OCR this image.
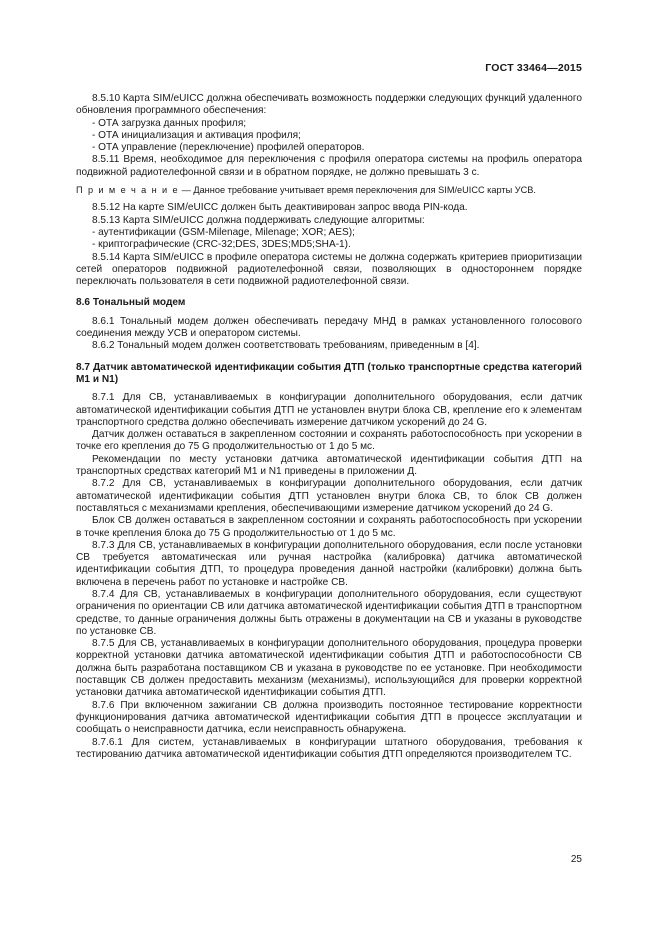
ГОСТ 33464—2015
8.5.10 Карта SIM/eUICC должна обеспечивать возможность поддержки следующих функций удаленного обновления программного обеспечения:
- ОТА загрузка данных профиля;
- ОТА инициализация и активация профиля;
- ОТА управление (переключение) профилей операторов.
8.5.11 Время, необходимое для переключения с профиля оператора системы на профиль оператора подвижной радиотелефонной связи и в обратном порядке, не должно превышать 3 с.
П р и м е ч а н и е — Данное требование учитывает время переключения для SIM/eUICC карты УСВ.
8.5.12 На карте SIM/eUICC должен быть деактивирован запрос ввода PIN-кода.
8.5.13 Карта SIM/eUICC должна поддерживать следующие алгоритмы:
- аутентификации (GSM-Milenage, Milenage; XOR; AES);
- криптографические (CRC-32;DES, 3DES;MD5;SHA-1).
8.5.14 Карта SIM/eUICC в профиле оператора системы не должна содержать критериев приоритизации сетей операторов подвижной радиотелефонной связи, позволяющих в одностороннем порядке переключать пользователя в сети подвижной радиотелефонной связи.
8.6 Тональный модем
8.6.1 Тональный модем должен обеспечивать передачу МНД в рамках установленного голосового соединения между УСВ и оператором системы.
8.6.2 Тональный модем должен соответствовать требованиям, приведенным в [4].
8.7 Датчик автоматической идентификации события ДТП (только транспортные средства категорий М1 и N1)
8.7.1 Для СВ, устанавливаемых в конфигурации дополнительного оборудования, если датчик автоматической идентификации события ДТП не установлен внутри блока СВ, крепление его к элементам транспортного средства должно обеспечивать измерение датчиком ускорений до 24 G.
Датчик должен оставаться в закрепленном состоянии и сохранять работоспособность при ускорении в точке его крепления до 75 G продолжительностью от 1 до 5 мс.
Рекомендации по месту установки датчика автоматической идентификации события ДТП на транспортных средствах категорий М1 и N1 приведены в приложении Д.
8.7.2 Для СВ, устанавливаемых в конфигурации дополнительного оборудования, если датчик автоматической идентификации события ДТП установлен внутри блока СВ, то блок СВ должен поставляться с механизмами крепления, обеспечивающими измерение датчиком ускорений до 24 G.
Блок СВ должен оставаться в закрепленном состоянии и сохранять работоспособность при ускорении в точке крепления блока до 75 G продолжительностью от 1 до 5 мс.
8.7.3 Для СВ, устанавливаемых в конфигурации дополнительного оборудования, если после установки СВ требуется автоматическая или ручная настройка (калибровка) датчика автоматической идентификации события ДТП, то процедура проведения данной настройки (калибровки) должна быть включена в перечень работ по установке и настройке СВ.
8.7.4 Для СВ, устанавливаемых в конфигурации дополнительного оборудования, если существуют ограничения по ориентации СВ или датчика автоматической идентификации события ДТП в транспортном средстве, то данные ограничения должны быть отражены в документации на СВ и указаны в руководстве по установке СВ.
8.7.5 Для СВ, устанавливаемых в конфигурации дополнительного оборудования, процедура проверки корректной установки датчика автоматической идентификации события ДТП и работоспособности СВ должна быть разработана поставщиком СВ и указана в руководстве по ее установке. При необходимости поставщик СВ должен предоставить механизм (механизмы), использующийся для проверки корректной установки датчика автоматической идентификации события ДТП.
8.7.6 При включенном зажигании СВ должна производить постоянное тестирование корректности функционирования датчика автоматической идентификации события ДТП в процессе эксплуатации и сообщать о неисправности датчика, если неисправность обнаружена.
8.7.6.1 Для систем, устанавливаемых в конфигурации штатного оборудования, требования к тестированию датчика автоматической идентификации события ДТП определяются производителем ТС.
25
